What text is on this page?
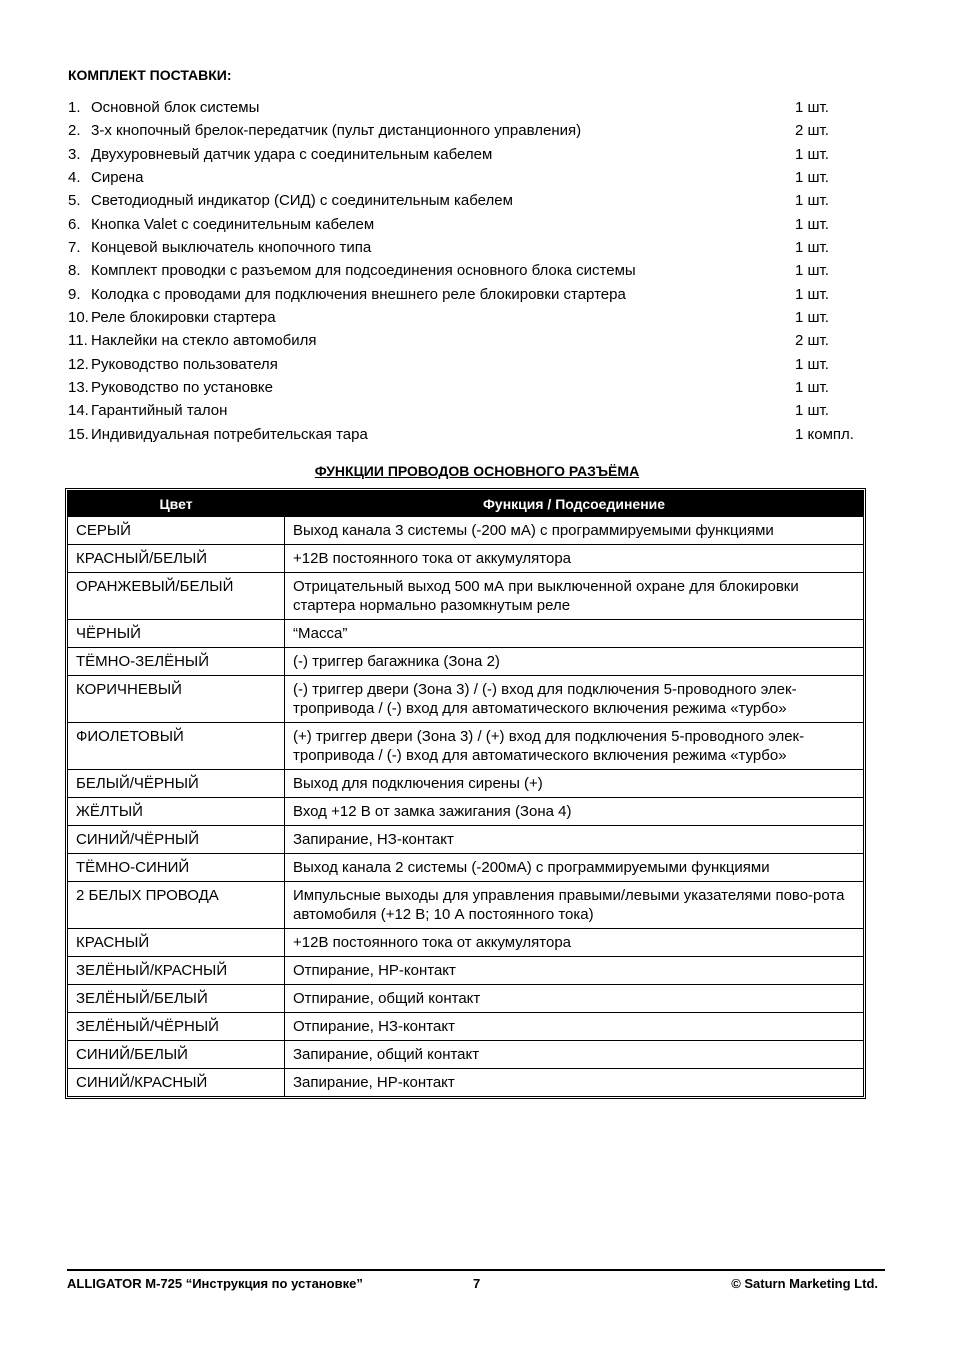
КОМПЛЕКТ ПОСТАВКИ:
1. Основной блок системы	1 шт.
2. 3-х кнопочный брелок-передатчик (пульт дистанционного управления)	2 шт.
3. Двухуровневый датчик удара с соединительным кабелем	1 шт.
4. Сирена	1 шт.
5. Светодиодный индикатор (СИД) с соединительным кабелем	1 шт.
6. Кнопка Valet с соединительным кабелем	1 шт.
7. Концевой выключатель кнопочного типа	1 шт.
8. Комплект проводки с разъемом для подсоединения основного блока системы	1 шт.
9. Колодка с проводами для подключения внешнего реле блокировки стартера	1 шт.
10. Реле блокировки стартера	1 шт.
11. Наклейки на стекло автомобиля	2 шт.
12. Руководство пользователя	1 шт.
13. Руководство по установке	1 шт.
14. Гарантийный талон	1 шт.
15. Индивидуальная потребительская тара	1 компл.
ФУНКЦИИ ПРОВОДОВ ОСНОВНОГО РАЗЪЁМА
Цвет	Функция / Подсоединение
СЕРЫЙ	Выход канала 3 системы (-200 мА) с программируемыми функциями
КРАСНЫЙ/БЕЛЫЙ	+12В постоянного тока от аккумулятора
ОРАНЖЕВЫЙ/БЕЛЫЙ	Отрицательный выход 500 мА при выключенной охране для блокировки стартера нормально разомкнутым реле
ЧЁРНЫЙ	“Масса”
ТЁМНО-ЗЕЛЁНЫЙ	(-) триггер багажника (Зона 2)
КОРИЧНЕВЫЙ	(-) триггер двери (Зона 3) / (-) вход для подключения 5-проводного элек-тропривода / (-) вход для автоматического включения режима «турбо»
ФИОЛЕТОВЫЙ	(+) триггер двери (Зона 3) / (+) вход для подключения 5-проводного элек-тропривода / (-) вход для автоматического включения режима «турбо»
БЕЛЫЙ/ЧЁРНЫЙ	Выход для подключения сирены (+)
ЖЁЛТЫЙ	Вход +12 В от замка зажигания (Зона 4)
СИНИЙ/ЧЁРНЫЙ	Запирание, НЗ-контакт
ТЁМНО-СИНИЙ	Выход канала 2 системы (-200мА) с программируемыми функциями
2 БЕЛЫХ ПРОВОДА	Импульсные выходы для управления правыми/левыми указателями пово-рота автомобиля (+12 В; 10 А постоянного тока)
КРАСНЫЙ	+12В постоянного тока от аккумулятора
ЗЕЛЁНЫЙ/КРАСНЫЙ	Отпирание, НР-контакт
ЗЕЛЁНЫЙ/БЕЛЫЙ	Отпирание, общий контакт
ЗЕЛЁНЫЙ/ЧЁРНЫЙ	Отпирание, НЗ-контакт
СИНИЙ/БЕЛЫЙ	Запирание, общий контакт
СИНИЙ/КРАСНЫЙ	Запирание, НР-контакт
ALLIGATOR M-725 “Инструкция по установке”	7	© Saturn Marketing Ltd.
